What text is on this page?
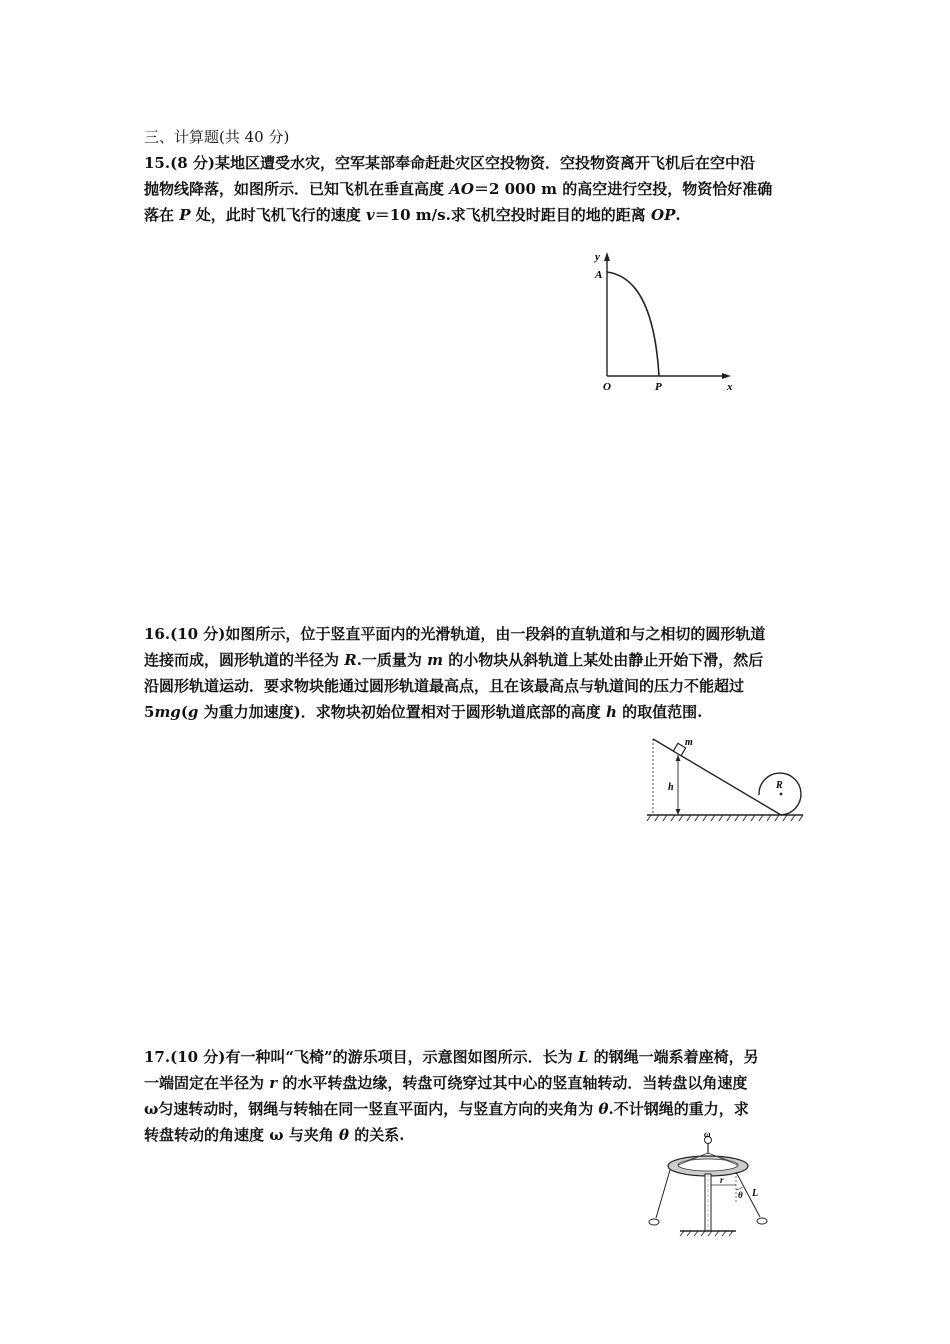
三、计算题(共 40 分)
15.(8 分)某地区遭受水灾，空军某部奉命赶赴灾区空投物资．空投物资离开飞机后在空中沿
抛物线降落，如图所示．已知飞机在垂直高度 AO＝2 000 m 的高空进行空投，物资恰好准确
落在 P 处，此时飞机飞行的速度 v＝10 m/s.求飞机空投时距目的地的距离 OP.
y
A
O	P	x
16.(10 分)如图所示，位于竖直平面内的光滑轨道，由一段斜的直轨道和与之相切的圆形轨道
连接而成，圆形轨道的半径为 R.一质量为 m 的小物块从斜轨道上某处由静止开始下滑，然后
沿圆形轨道运动．要求物块能通过圆形轨道最高点，且在该最高点与轨道间的压力不能超过
5mg(g 为重力加速度)．求物块初始位置相对于圆形轨道底部的高度 h 的取值范围.
m
h	R
17.(10 分)有一种叫“飞椅”的游乐项目，示意图如图所示．长为 L 的钢绳一端系着座椅，另
一端固定在半径为 r 的水平转盘边缘，转盘可绕穿过其中心的竖直轴转动．当转盘以角速度
ω匀速转动时，钢绳与转轴在同一竖直平面内，与竖直方向的夹角为 θ.不计钢绳的重力，求
转盘转动的角速度 ω 与夹角 θ 的关系.	ω
r
θ L
